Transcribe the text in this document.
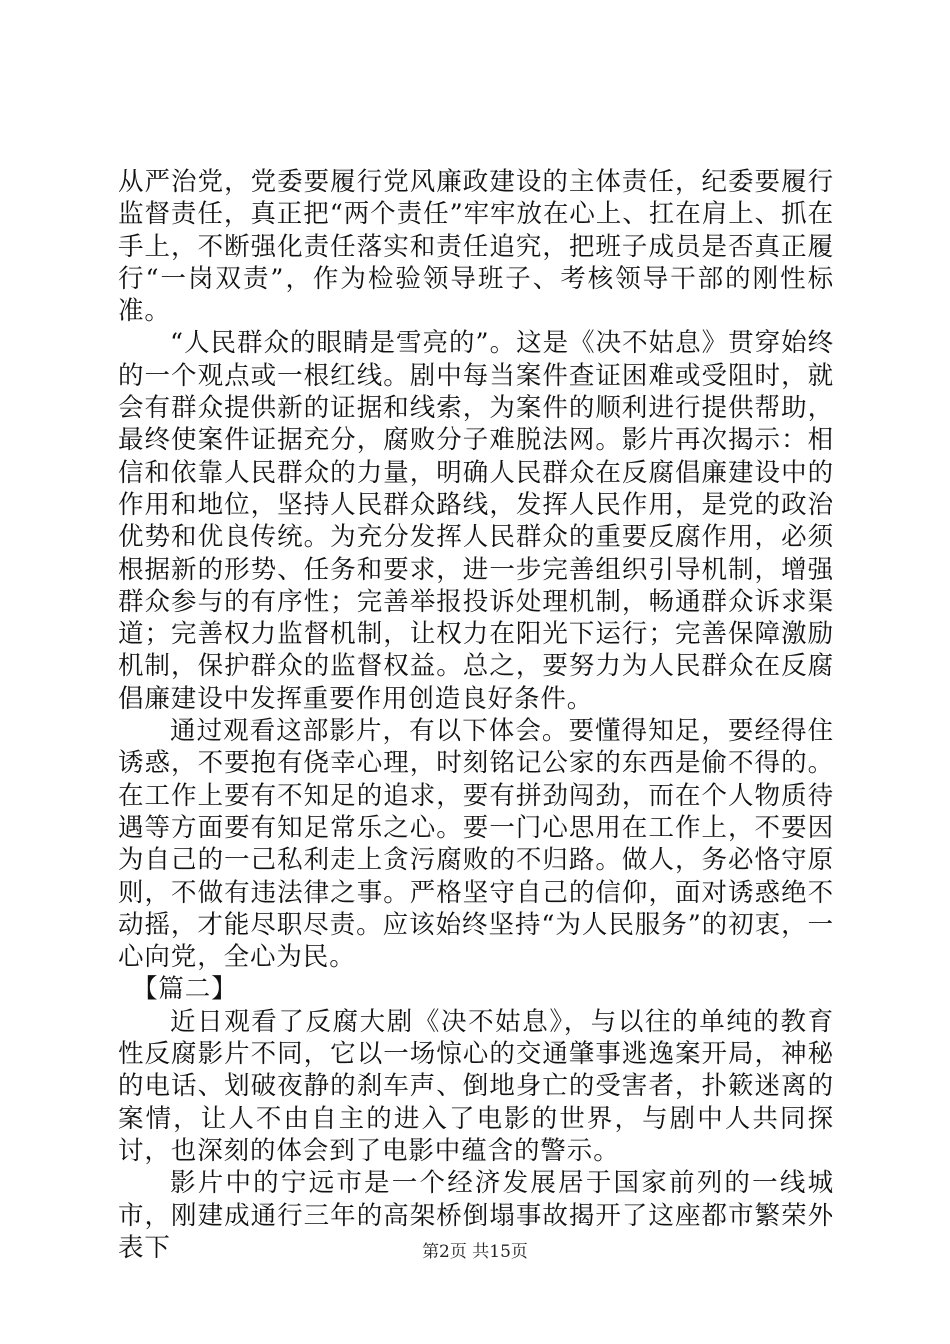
从严治党，党委要履行党风廉政建设的主体责任，纪委要履行监督责任，真正把“两个责任”牢牢放在心上、扛在肩上、抓在手上，不断强化责任落实和责任追究，把班子成员是否真正履行“一岗双责”，作为检验领导班子、考核领导干部的刚性标准。

“人民群众的眼睛是雪亮的”。这是《决不姑息》贯穿始终的一个观点或一根红线。剧中每当案件查证困难或受阻时，就会有群众提供新的证据和线索，为案件的顺利进行提供帮助，最终使案件证据充分，腐败分子难脱法网。影片再次揭示：相信和依靠人民群众的力量，明确人民群众在反腐倡廉建设中的作用和地位，坚持人民群众路线，发挥人民作用，是党的政治优势和优良传统。为充分发挥人民群众的重要反腐作用，必须根据新的形势、任务和要求，进一步完善组织引导机制，增强群众参与的有序性；完善举报投诉处理机制，畅通群众诉求渠道；完善权力监督机制，让权力在阳光下运行；完善保障激励机制，保护群众的监督权益。总之，要努力为人民群众在反腐倡廉建设中发挥重要作用创造良好条件。

通过观看这部影片，有以下体会。要懂得知足，要经得住诱惑，不要抱有侥幸心理，时刻铭记公家的东西是偷不得的。在工作上要有不知足的追求，要有拼劲闯劲，而在个人物质待遇等方面要有知足常乐之心。要一门心思用在工作上，不要因为自己的一己私利走上贪污腐败的不归路。做人，务必恪守原则，不做有违法律之事。严格坚守自己的信仰，面对诱惑绝不动摇，才能尽职尽责。应该始终坚持“为人民服务”的初衷，一心向党，全心为民。

【篇二】

近日观看了反腐大剧《决不姑息》，与以往的单纯的教育性反腐影片不同，它以一场惊心的交通肇事逃逸案开局，神秘的电话、划破夜静的刹车声、倒地身亡的受害者，扑簌迷离的案情，让人不由自主的进入了电影的世界，与剧中人共同探讨，也深刻的体会到了电影中蕴含的警示。

影片中的宁远市是一个经济发展居于国家前列的一线城市，刚建成通行三年的高架桥倒塌事故揭开了这座都市繁荣外表下	第2页 共15页
